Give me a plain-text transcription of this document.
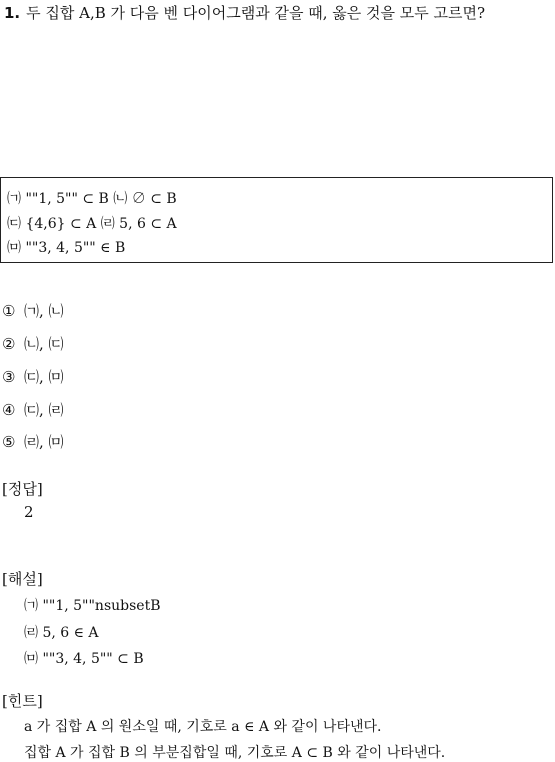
1. 두 집합 A,B 가 다음 벤 다이어그램과 같을 때, 옳은 것을 모두 고르면?
㈀ ""1, 5"" ⊂ B ㈁ ∅ ⊂ B
㈂ {4,6} ⊂ A ㈃ 5, 6 ⊂ A
㈄ ""3, 4, 5"" ∈ B
① ㈀, ㈁
② ㈁, ㈂
③ ㈂, ㈄
④ ㈂, ㈃
⑤ ㈃, ㈄
[정답]
2
[해설]
㈀ ""1, 5""nsubsetB
㈃ 5, 6 ∈ A
㈄ ""3, 4, 5"" ⊂ B
[힌트]
a 가 집합 A 의 원소일 때, 기호로 a ∈ A 와 같이 나타낸다.
집합 A 가 집합 B 의 부분집합일 때, 기호로 A ⊂ B 와 같이 나타낸다.
